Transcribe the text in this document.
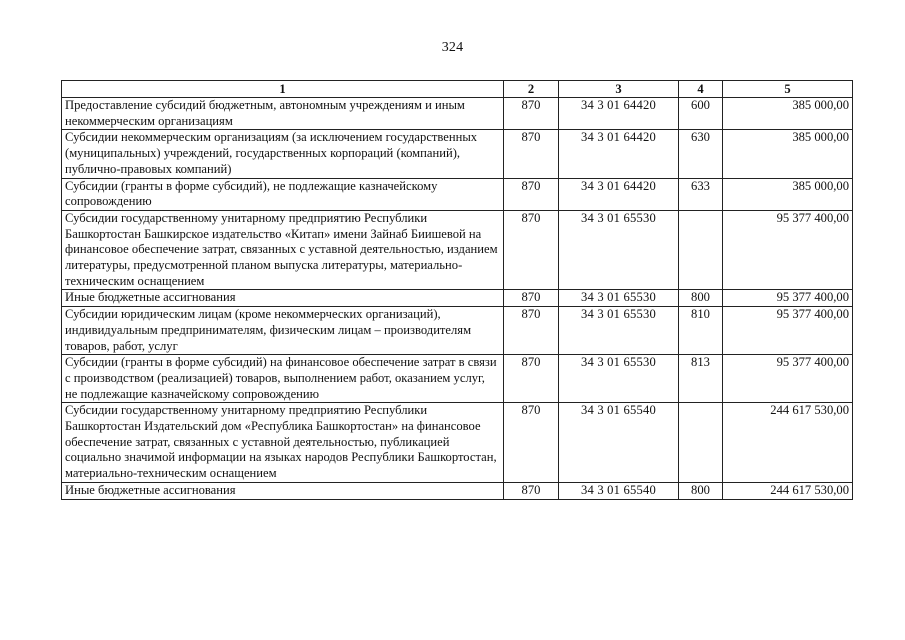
324
1	2	3	4	5
Предоставление субсидий бюджетным, автономным учреждениям и иным некоммерческим организациям	870	34 3 01 64420	600	385 000,00
Субсидии некоммерческим организациям (за исключением государственных (муниципальных) учреждений, государственных корпораций (компаний), публично-правовых компаний)	870	34 3 01 64420	630	385 000,00
Субсидии (гранты в форме субсидий), не подлежащие казначейскому сопровождению	870	34 3 01 64420	633	385 000,00
Субсидии государственному унитарному предприятию Республики Башкортостан Башкирское издательство «Китап» имени Зайнаб Биишевой на финансовое обеспечение затрат, связанных с уставной деятельностью, изданием литературы, предусмотренной планом выпуска литературы, материально-техническим оснащением	870	34 3 01 65530		95 377 400,00
Иные бюджетные ассигнования	870	34 3 01 65530	800	95 377 400,00
Субсидии юридическим лицам (кроме некоммерческих организаций), индивидуальным предпринимателям, физическим лицам – производителям товаров, работ, услуг	870	34 3 01 65530	810	95 377 400,00
Субсидии (гранты в форме субсидий) на финансовое обеспечение затрат в связи с производством (реализацией) товаров, выполнением работ, оказанием услуг, не подлежащие казначейскому сопровождению	870	34 3 01 65530	813	95 377 400,00
Субсидии государственному унитарному предприятию Республики Башкортостан Издательский дом «Республика Башкортостан» на финансовое обеспечение затрат, связанных с уставной деятельностью, публикацией социально значимой информации на языках народов Республики Башкортостан, материально-техническим оснащением	870	34 3 01 65540		244 617 530,00
Иные бюджетные ассигнования	870	34 3 01 65540	800	244 617 530,00
